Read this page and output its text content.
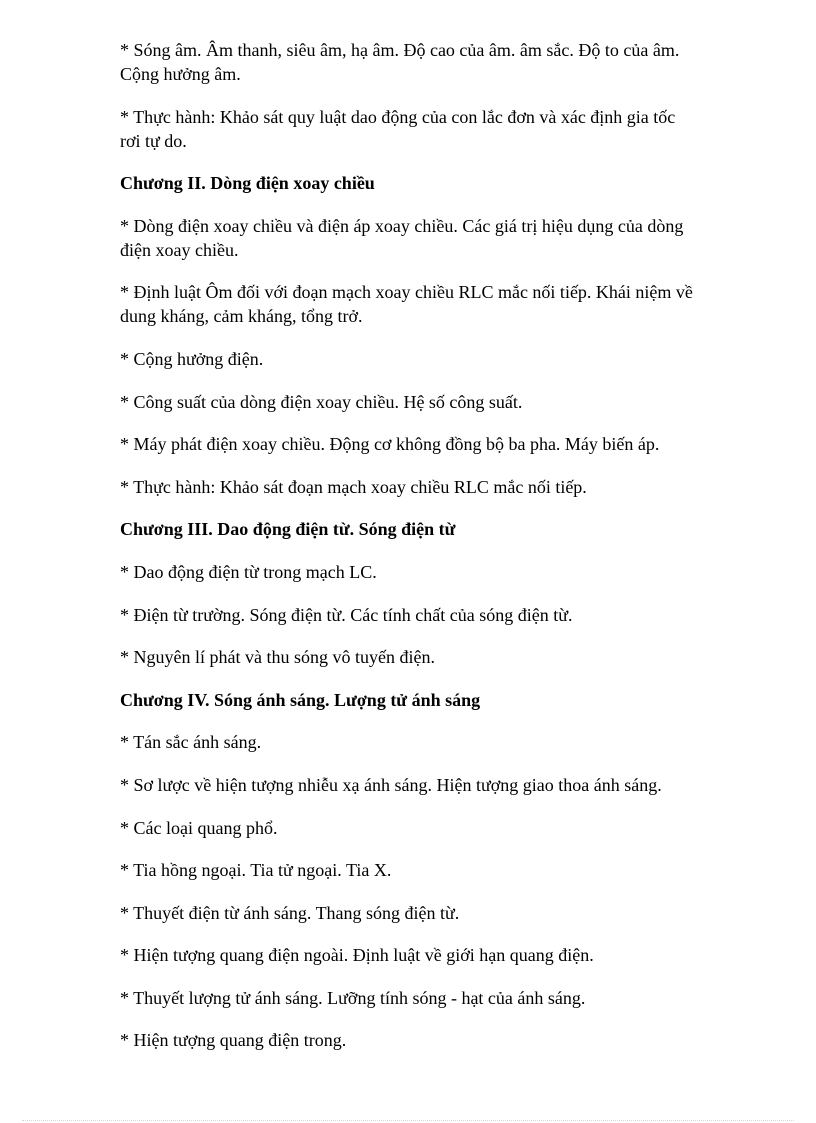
* Sóng âm. Âm thanh, siêu âm, hạ âm. Độ cao của âm. âm sắc. Độ to của âm. Cộng hưởng âm.

* Thực hành: Khảo sát quy luật dao động của con lắc đơn và xác định gia tốc rơi tự do.

Chương II. Dòng điện xoay chiều

* Dòng điện xoay chiều và điện áp xoay chiều. Các giá trị hiệu dụng của dòng điện xoay chiều.

* Định luật Ôm đối với đoạn mạch xoay chiều RLC mắc nối tiếp. Khái niệm về dung kháng, cảm kháng, tổng trở.

* Cộng hưởng điện.

* Công suất của dòng điện xoay chiều. Hệ số công suất.

* Máy phát điện xoay chiều. Động cơ không đồng bộ ba pha. Máy biến áp.

* Thực hành: Khảo sát đoạn mạch xoay chiều RLC mắc nối tiếp.

Chương III. Dao động điện từ. Sóng điện từ

* Dao động điện từ trong mạch LC.

* Điện từ trường. Sóng điện từ. Các tính chất của sóng điện từ.

* Nguyên lí phát và thu sóng vô tuyến điện.

Chương IV. Sóng ánh sáng. Lượng tử ánh sáng

* Tán sắc ánh sáng.

* Sơ lược về hiện tượng nhiễu xạ ánh sáng. Hiện tượng giao thoa ánh sáng.

* Các loại quang phổ.

* Tia hồng ngoại. Tia tử ngoại. Tia X.

* Thuyết điện từ ánh sáng. Thang sóng điện từ.

* Hiện tượng quang điện ngoài. Định luật về giới hạn quang điện.

* Thuyết lượng tử ánh sáng. Lưỡng tính sóng - hạt của ánh sáng.

* Hiện tượng quang điện trong.
